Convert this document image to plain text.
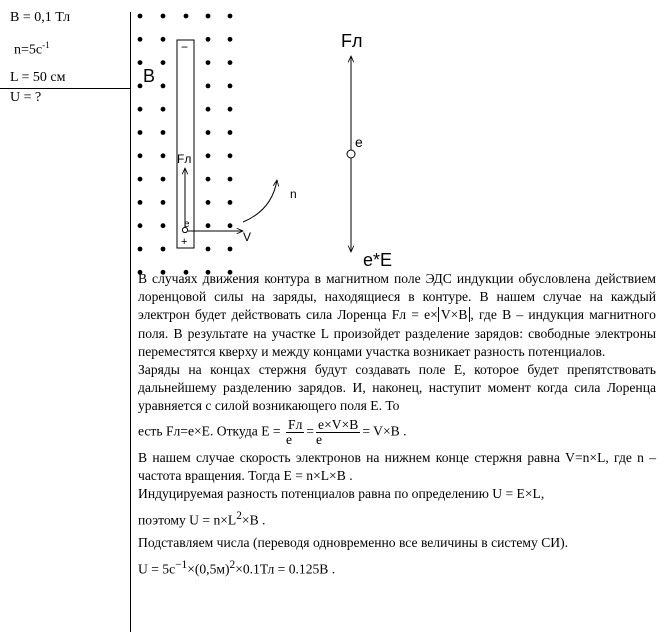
B = 0,1 Тл
$n=5c^{-1}$
L = 50 см
U = ?
−
+
Fл
e
V
n
B
Fл
e
e*E

В случаях движения контура в магнитном поле ЭДС индукции обусловлена действием лоренцовой силы на заряды, находящиеся в контуре. В нашем случае на каждый электрон будет действовать сила Лоренца Fл = e× V×B , где В – индукция магнитного поля. В результате на участке L произойдет разделение зарядов: свободные электроны переместятся кверху и между концами участка возникает разность потенциалов.

Заряды на концах стержня будут создавать поле Е, которое будет препятствовать дальнейшему разделению зарядов. И, наконец, наступит момент когда сила Лоренца уравняется с силой возникающего поля Е. То

есть Fл=e×E. Откуда $E = \frac{Fл}{e} = \frac{e\times V\times B}{e} = V\times B$ .

В нашем случае скорость электронов на нижнем конце стержня равна V=n×L, где n – частота вращения. Тогда E = n×L×B .

Индуцируемая разность потенциалов равна по определению U = E×L,

поэтому $U = n\times L^2\times B$ .

Подставляем числа (переводя одновременно все величины в систему СИ).

$U = 5c^{-1}\times(0,5м)^2\times 0.1Тл = 0.125B$ .
